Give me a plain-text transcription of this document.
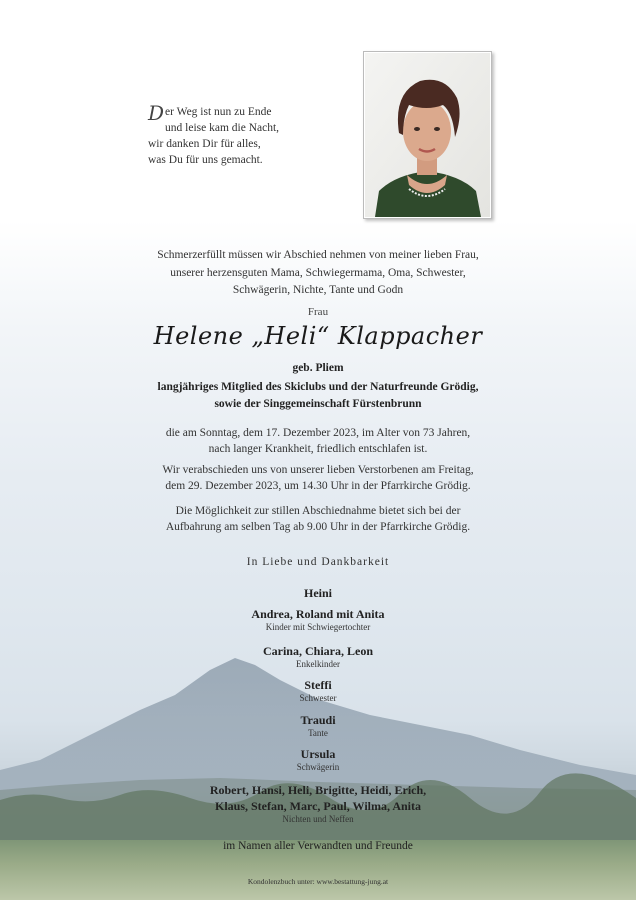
D er Weg ist nun zu Ende
und leise kam die Nacht,
wir danken Dir für alles,
was Du für uns gemacht.
Schmerzerfüllt müssen wir Abschied nehmen von meiner lieben Frau,
unserer herzensguten Mama, Schwiegermama, Oma, Schwester,
Schwägerin, Nichte, Tante und Godn
Frau
Helene „Heli“ Klappacher
geb. Pliem
langjähriges Mitglied des Skiclubs und der Naturfreunde Grödig,
sowie der Singgemeinschaft Fürstenbrunn
die am Sonntag, dem 17. Dezember 2023, im Alter von 73 Jahren,
nach langer Krankheit, friedlich entschlafen ist.
Wir verabschieden uns von unserer lieben Verstorbenen am Freitag,
dem 29. Dezember 2023, um 14.30 Uhr in der Pfarrkirche Grödig.
Die Möglichkeit zur stillen Abschiednahme bietet sich bei der
Aufbahrung am selben Tag ab 9.00 Uhr in der Pfarrkirche Grödig.
In Liebe und Dankbarkeit
Heini
Andrea, Roland mit Anita
Kinder mit Schwiegertochter
Carina, Chiara, Leon
Enkelkinder
Steffi
Schwester
Traudi
Tante
Ursula
Schwägerin
Robert, Hansi, Heli, Brigitte, Heidi, Erich,
Klaus, Stefan, Marc, Paul, Wilma, Anita
Nichten und Neffen
im Namen aller Verwandten und Freunde
Kondolenzbuch unter: www.bestattung-jung.at
